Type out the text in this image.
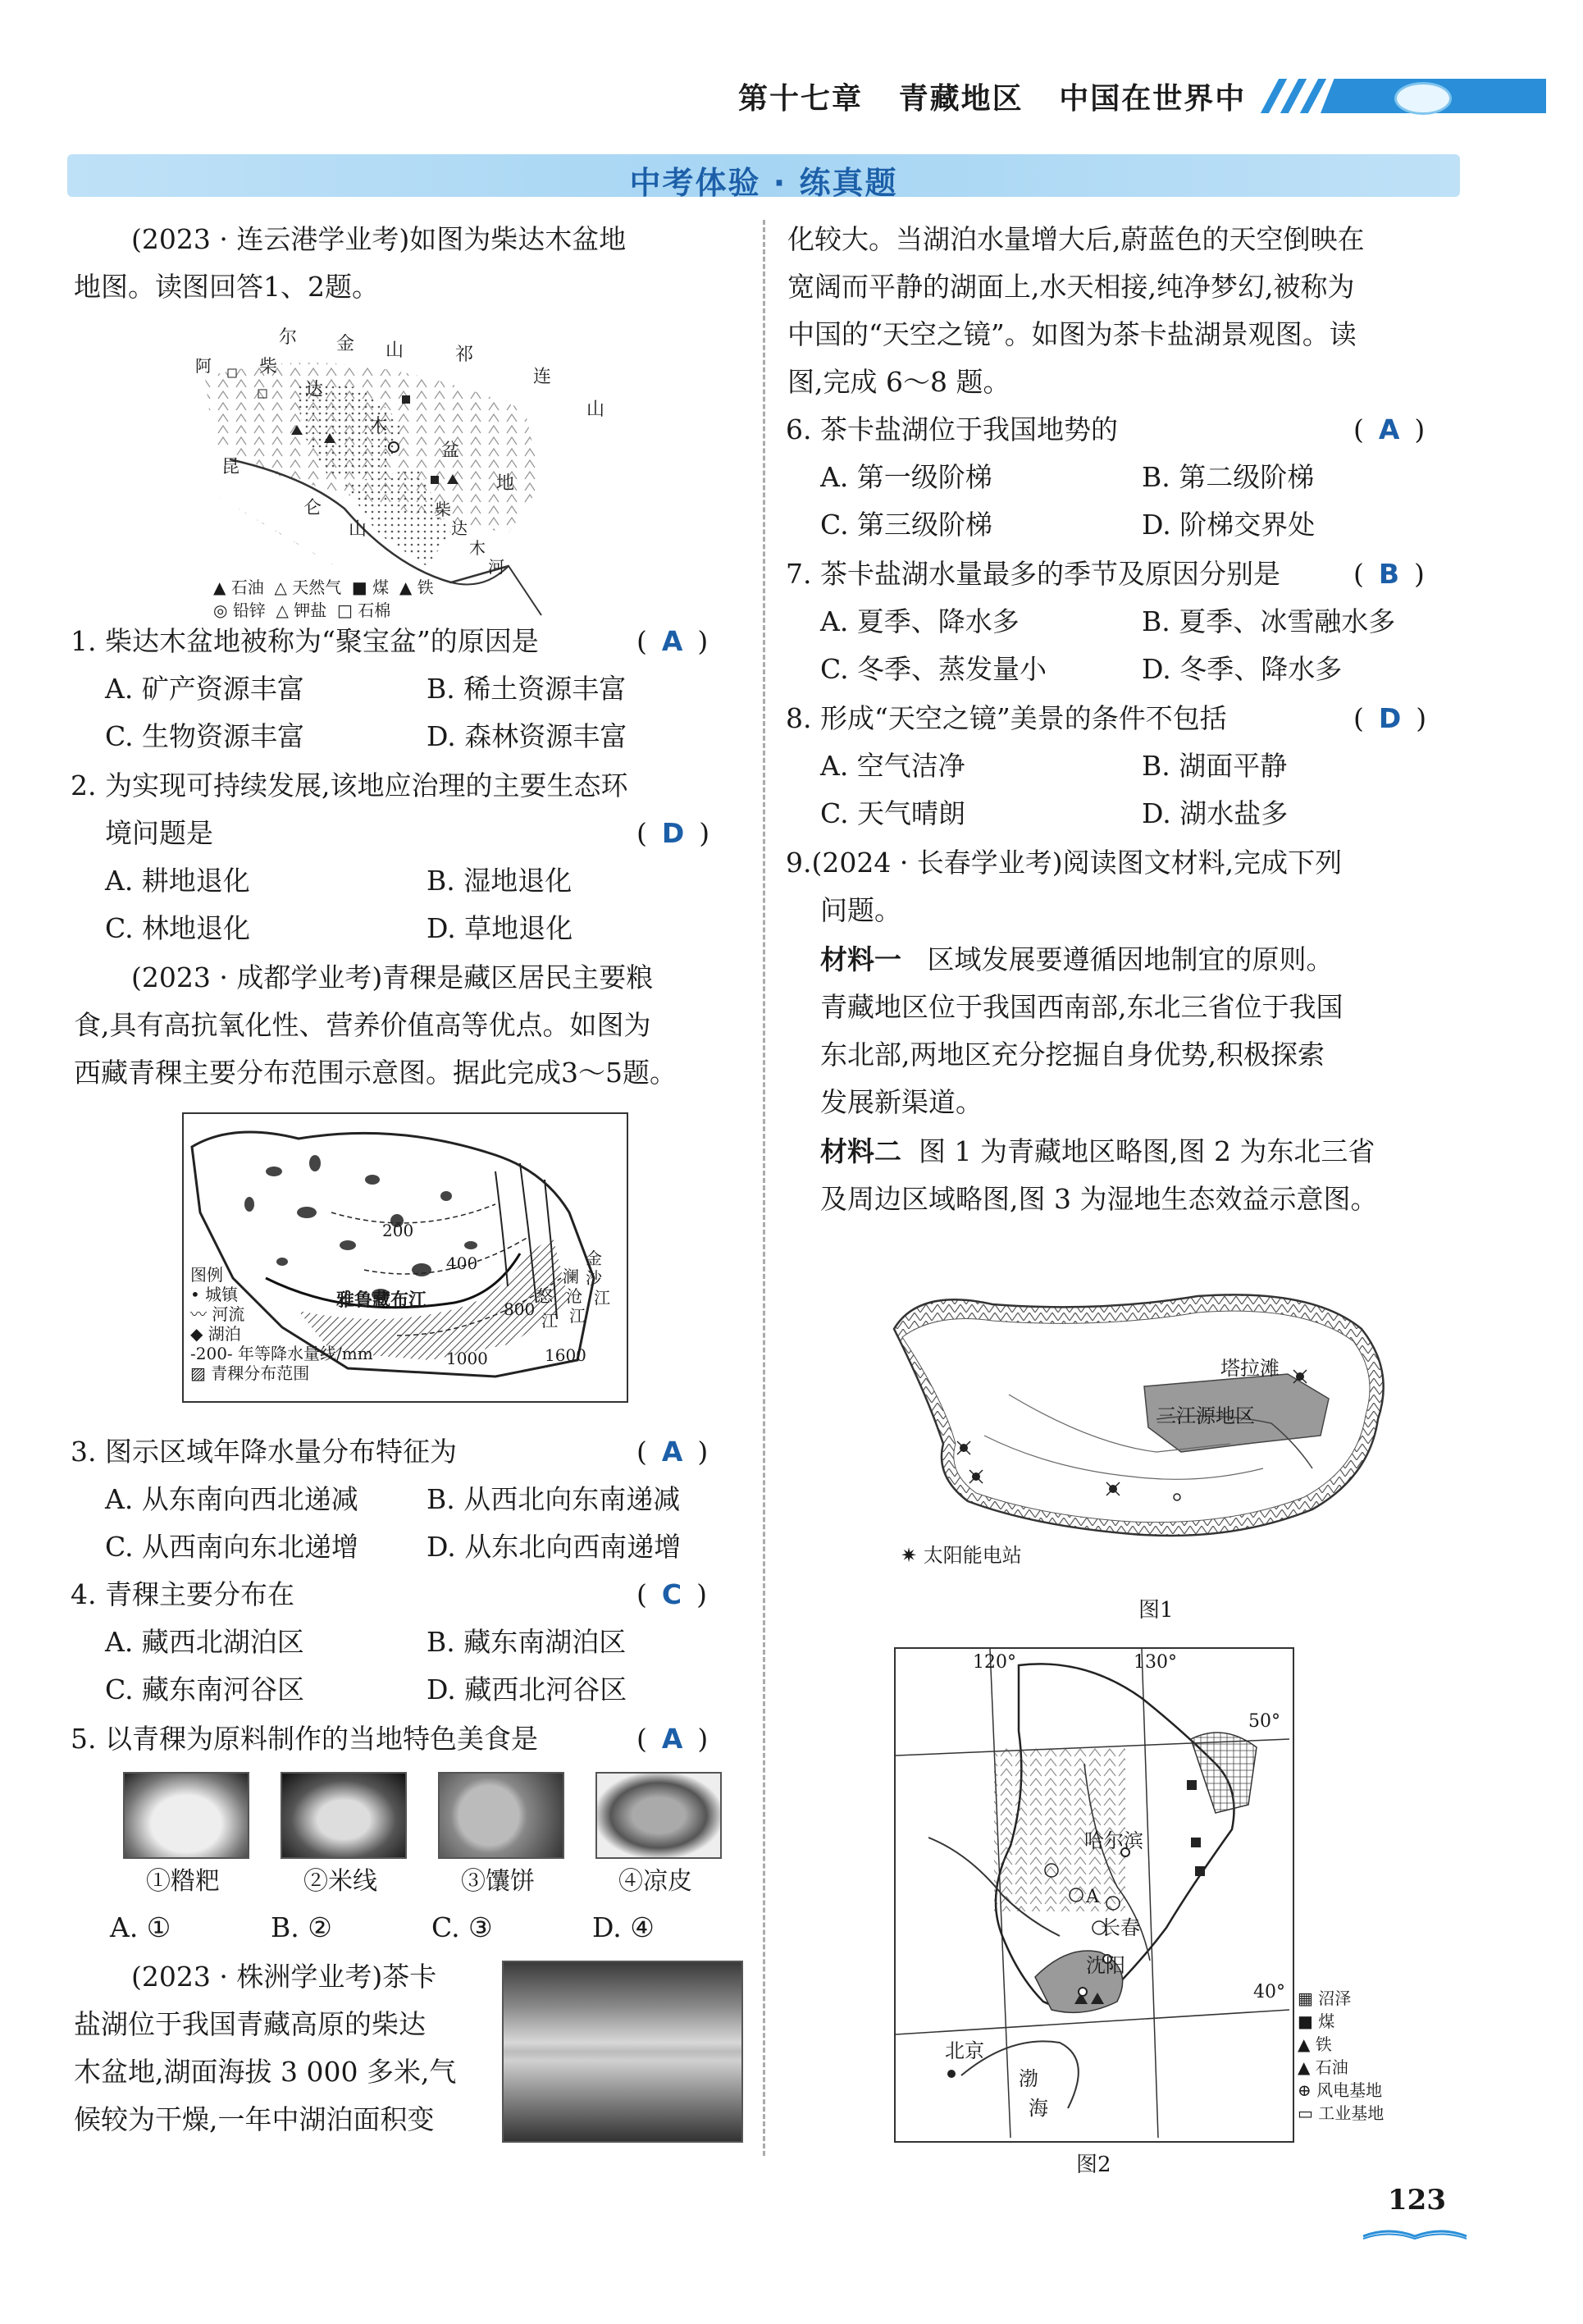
第十七章 青藏地区 中国在世界中
中考体验 · 练真题
(2023 · 连云港学业考)如图为柴达木盆地
地图。读图回答1、2题。
阿
尔 金 山	祁
连
山
柴
达
木
盆
地
昆
仑
山
柴
达
木
河
▲ 石油  △ 天然气  ■ 煤  ▲ 铁
◎ 铅锌  △ 钾盐  □ 石棉
1. 柴达木盆地被称为“聚宝盆”的原因是	( A )
A. 矿产资源丰富	B. 稀土资源丰富
C. 生物资源丰富	D. 森林资源丰富
2. 为实现可持续发展,该地应治理的主要生态环
境问题是	( D )
A. 耕地退化	B. 湿地退化
C. 林地退化	D. 草地退化
(2023 · 成都学业考)青稞是藏区居民主要粮
食,具有高抗氧化性、营养价值高等优点。如图为
西藏青稞主要分布范围示意图。据此完成3～5题。
图例
• 城镇
〰 河流
◆ 湖泊
-200- 年等降水量线/mm
▨ 青稞分布范围
200
400
800
1000	1600
雅鲁藏布江
金
沙
江
澜
沧
江
怒
江
3. 图示区域年降水量分布特征为	( A )
A. 从东南向西北递减	B. 从西北向东南递减
C. 从西南向东北递增	D. 从东北向西南递增
4. 青稞主要分布在	( C )
A. 藏西北湖泊区	B. 藏东南湖泊区
C. 藏东南河谷区	D. 藏西北河谷区
5. 以青稞为原料制作的当地特色美食是	( A )
①糌粑	②米线	③馕饼	④凉皮
A. ①	B. ②	C. ③	D. ④
(2023 · 株洲学业考)茶卡
盐湖位于我国青藏高原的柴达
木盆地,湖面海拔 3 000 多米,气
候较为干燥,一年中湖泊面积变
化较大。当湖泊水量增大后,蔚蓝色的天空倒映在
宽阔而平静的湖面上,水天相接,纯净梦幻,被称为
中国的“天空之镜”。如图为茶卡盐湖景观图。读
图,完成 6～8 题。
6. 茶卡盐湖位于我国地势的	( A )
A. 第一级阶梯	B. 第二级阶梯
C. 第三级阶梯	D. 阶梯交界处
7. 茶卡盐湖水量最多的季节及原因分别是	( B )
A. 夏季、降水多	B. 夏季、冰雪融水多
C. 冬季、蒸发量小	D. 冬季、降水多
8. 形成“天空之镜”美景的条件不包括	( D )
A. 空气洁净	B. 湖面平静
C. 天气晴朗	D. 湖水盐多
9.(2024 · 长春学业考)阅读图文材料,完成下列
问题。
材料一 区域发展要遵循因地制宜的原则。
青藏地区位于我国西南部,东北三省位于我国
东北部,两地区充分挖掘自身优势,积极探索
发展新渠道。
材料二 图 1 为青藏地区略图,图 2 为东北三省
及周边区域略图,图 3 为湿地生态效益示意图。
塔拉滩
三江源地区
✷ 太阳能电站
图1
120°	130°
50°
40°
哈尔滨
长春
沈阳
北京
A
渤
海
▦ 沼泽
■ 煤
▲ 铁
▲ 石油
⊕ 风电基地
▭ 工业基地
图2
123
